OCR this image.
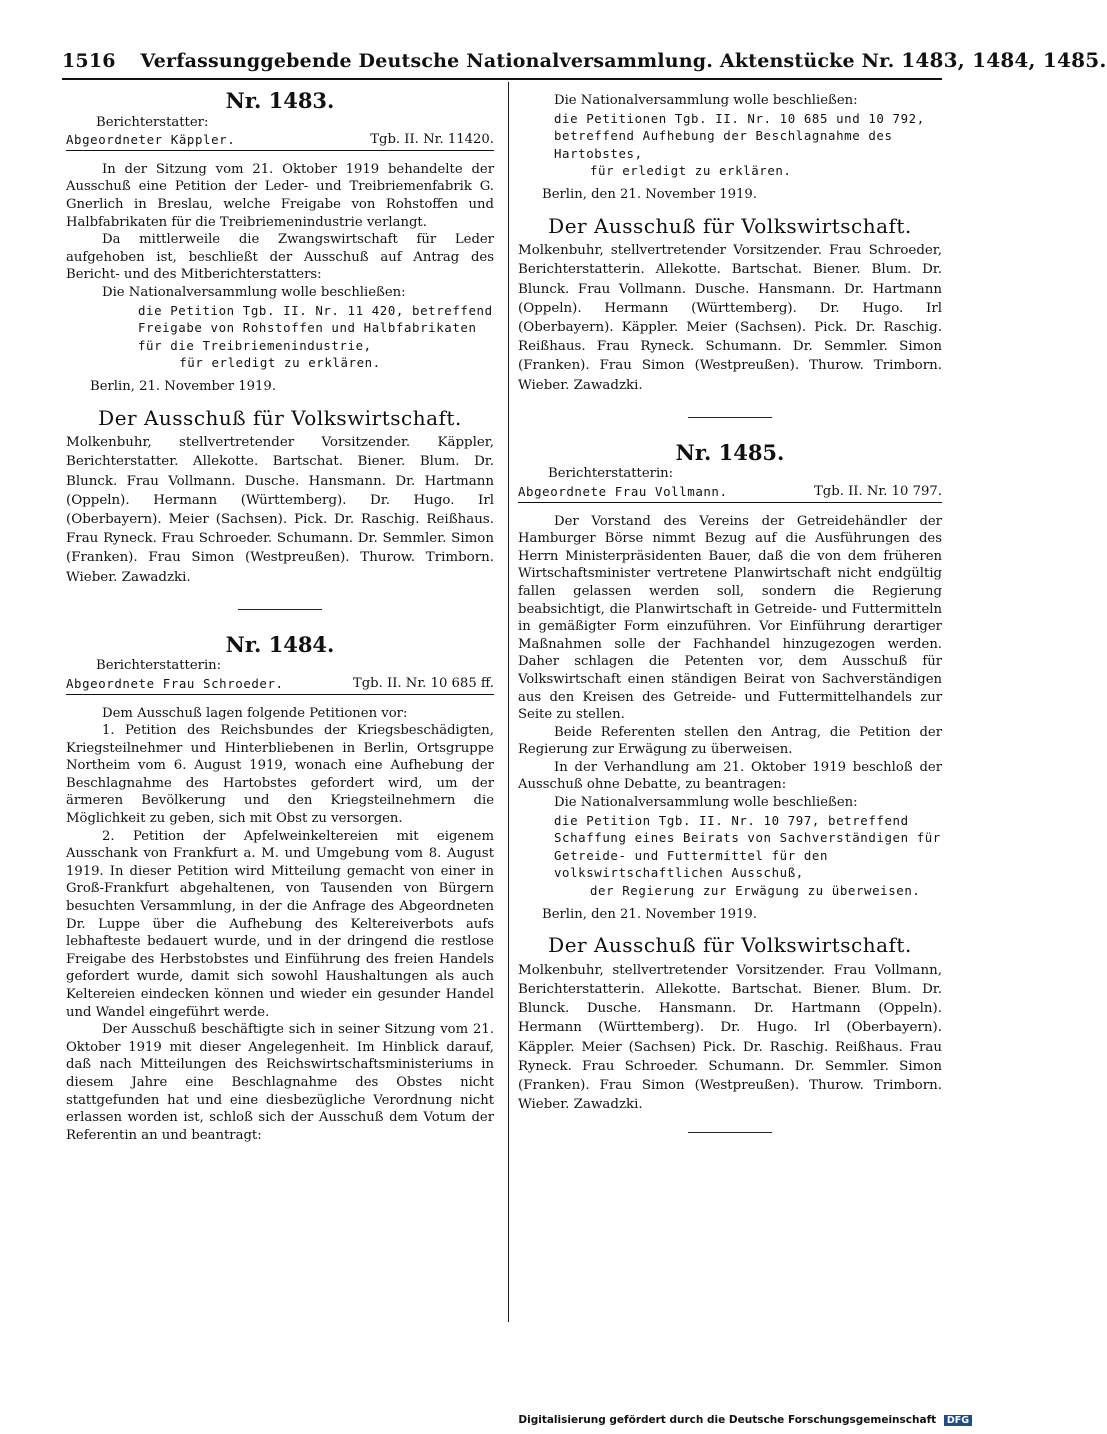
1516 Verfassunggebende Deutsche Nationalversammlung. Aktenstücke Nr. 1483, 1484, 1485.
Nr. 1483.
Berichterstatter:
Abgeordneter Käppler.	Tgb. II. Nr. 11420.

In der Sitzung vom 21. Oktober 1919 behandelte der Ausschuß eine Petition der Leder- und Treibriemenfabrik G. Gnerlich in Breslau, welche Freigabe von Rohstoffen und Halbfabrikaten für die Treibriemenindustrie verlangt.

Da mittlerweile die Zwangswirtschaft für Leder aufgehoben ist, beschließt der Ausschuß auf Antrag des Bericht- und des Mitberichterstatters:

Die Nationalversammlung wolle beschließen:

die Petition Tgb. II. Nr. 11 420, betreffend Freigabe von Rohstoffen und Halbfabrikaten für die Treibriemenindustrie,

für erledigt zu erklären.

Berlin, 21. November 1919.

Der Ausschuß für Volkswirtschaft.

Molkenbuhr, stellvertretender Vorsitzender. Käppler, Berichterstatter. Allekotte. Bartschat. Biener. Blum. Dr. Blunck. Frau Vollmann. Dusche. Hansmann. Dr. Hartmann (Oppeln). Hermann (Württemberg). Dr. Hugo. Irl (Oberbayern). Meier (Sachsen). Pick. Dr. Raschig. Reißhaus. Frau Ryneck. Frau Schroeder. Schumann. Dr. Semmler. Simon (Franken). Frau Simon (Westpreußen). Thurow. Trimborn. Wieber. Zawadzki.

Nr. 1484.
Berichterstatterin:
Abgeordnete Frau Schroeder.	Tgb. II. Nr. 10 685 ff.

Dem Ausschuß lagen folgende Petitionen vor:

1. Petition des Reichsbundes der Kriegsbeschädigten, Kriegsteilnehmer und Hinterbliebenen in Berlin, Ortsgruppe Northeim vom 6. August 1919, wonach eine Aufhebung der Beschlagnahme des Hartobstes gefordert wird, um der ärmeren Bevölkerung und den Kriegsteilnehmern die Möglichkeit zu geben, sich mit Obst zu versorgen.

2. Petition der Apfelweinkeltereien mit eigenem Ausschank von Frankfurt a. M. und Umgebung vom 8. August 1919. In dieser Petition wird Mitteilung gemacht von einer in Groß-Frankfurt abgehaltenen, von Tausenden von Bürgern besuchten Versammlung, in der die Anfrage des Abgeordneten Dr. Luppe über die Aufhebung des Keltereiverbots aufs lebhafteste bedauert wurde, und in der dringend die restlose Freigabe des Herbstobstes und Einführung des freien Handels gefordert wurde, damit sich sowohl Haushaltungen als auch Keltereien eindecken können und wieder ein gesunder Handel und Wandel eingeführt werde.

Der Ausschuß beschäftigte sich in seiner Sitzung vom 21. Oktober 1919 mit dieser Angelegenheit. Im Hinblick darauf, daß nach Mitteilungen des Reichswirtschaftsministeriums in diesem Jahre eine Beschlagnahme des Obstes nicht stattgefunden hat und eine diesbezügliche Verordnung nicht erlassen worden ist, schloß sich der Ausschuß dem Votum der Referentin an und beantragt:

Die Nationalversammlung wolle beschließen:

die Petitionen Tgb. II. Nr. 10 685 und 10 792, betreffend Aufhebung der Beschlagnahme des Hartobstes,

für erledigt zu erklären.

Berlin, den 21. November 1919.

Der Ausschuß für Volkswirtschaft.

Molkenbuhr, stellvertretender Vorsitzender. Frau Schroeder, Berichterstatterin. Allekotte. Bartschat. Biener. Blum. Dr. Blunck. Frau Vollmann. Dusche. Hansmann. Dr. Hartmann (Oppeln). Hermann (Württemberg). Dr. Hugo. Irl (Oberbayern). Käppler. Meier (Sachsen). Pick. Dr. Raschig. Reißhaus. Frau Ryneck. Schumann. Dr. Semmler. Simon (Franken). Frau Simon (Westpreußen). Thurow. Trimborn. Wieber. Zawadzki.

Nr. 1485.
Berichterstatterin:
Abgeordnete Frau Vollmann.	Tgb. II. Nr. 10 797.

Der Vorstand des Vereins der Getreidehändler der Hamburger Börse nimmt Bezug auf die Ausführungen des Herrn Ministerpräsidenten Bauer, daß die von dem früheren Wirtschaftsminister vertretene Planwirtschaft nicht endgültig fallen gelassen werden soll, sondern die Regierung beabsichtigt, die Planwirtschaft in Getreide- und Futtermitteln in gemäßigter Form einzuführen. Vor Einführung derartiger Maßnahmen solle der Fachhandel hinzugezogen werden. Daher schlagen die Petenten vor, dem Ausschuß für Volkswirtschaft einen ständigen Beirat von Sachverständigen aus den Kreisen des Getreide- und Futtermittelhandels zur Seite zu stellen.

Beide Referenten stellen den Antrag, die Petition der Regierung zur Erwägung zu überweisen.

In der Verhandlung am 21. Oktober 1919 beschloß der Ausschuß ohne Debatte, zu beantragen:

Die Nationalversammlung wolle beschließen:

die Petition Tgb. II. Nr. 10 797, betreffend Schaffung eines Beirats von Sachverständigen für Getreide- und Futtermittel für den volkswirtschaftlichen Ausschuß,

der Regierung zur Erwägung zu überweisen.

Berlin, den 21. November 1919.

Der Ausschuß für Volkswirtschaft.

Molkenbuhr, stellvertretender Vorsitzender. Frau Vollmann, Berichterstatterin. Allekotte. Bartschat. Biener. Blum. Dr. Blunck. Dusche. Hansmann. Dr. Hartmann (Oppeln). Hermann (Württemberg). Dr. Hugo. Irl (Oberbayern). Käppler. Meier (Sachsen) Pick. Dr. Raschig. Reißhaus. Frau Ryneck. Frau Schroeder. Schumann. Dr. Semmler. Simon (Franken). Frau Simon (Westpreußen). Thurow. Trimborn. Wieber. Zawadzki.

Digitalisierung gefördert durch die Deutsche Forschungsgemeinschaft DFG
